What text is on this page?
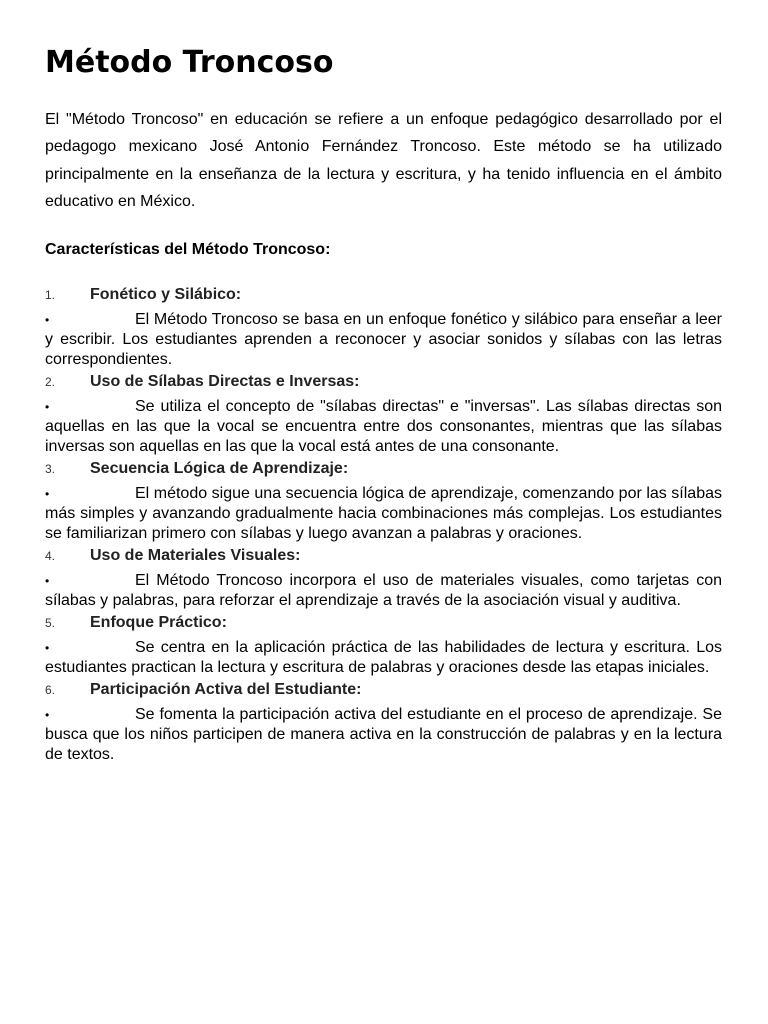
Método Troncoso

El "Método Troncoso" en educación se refiere a un enfoque pedagógico desarrollado por el pedagogo mexicano José Antonio Fernández Troncoso. Este método se ha utilizado principalmente en la enseñanza de la lectura y escritura, y ha tenido influencia en el ámbito educativo en México.

Características del Método Troncoso:

1.	Fonético y Silábico:

•	El Método Troncoso se basa en un enfoque fonético y silábico para enseñar a leer y escribir. Los estudiantes aprenden a reconocer y asociar sonidos y sílabas con las letras correspondientes.

2.	Uso de Sílabas Directas e Inversas:

•	Se utiliza el concepto de "sílabas directas" e "inversas". Las sílabas directas son aquellas en las que la vocal se encuentra entre dos consonantes, mientras que las sílabas inversas son aquellas en las que la vocal está antes de una consonante.

3.	Secuencia Lógica de Aprendizaje:

•	El método sigue una secuencia lógica de aprendizaje, comenzando por las sílabas más simples y avanzando gradualmente hacia combinaciones más complejas. Los estudiantes se familiarizan primero con sílabas y luego avanzan a palabras y oraciones.

4.	Uso de Materiales Visuales:

•	El Método Troncoso incorpora el uso de materiales visuales, como tarjetas con sílabas y palabras, para reforzar el aprendizaje a través de la asociación visual y auditiva.

5.	Enfoque Práctico:

•	Se centra en la aplicación práctica de las habilidades de lectura y escritura. Los estudiantes practican la lectura y escritura de palabras y oraciones desde las etapas iniciales.

6.	Participación Activa del Estudiante:

•	Se fomenta la participación activa del estudiante en el proceso de aprendizaje. Se busca que los niños participen de manera activa en la construcción de palabras y en la lectura de textos.
